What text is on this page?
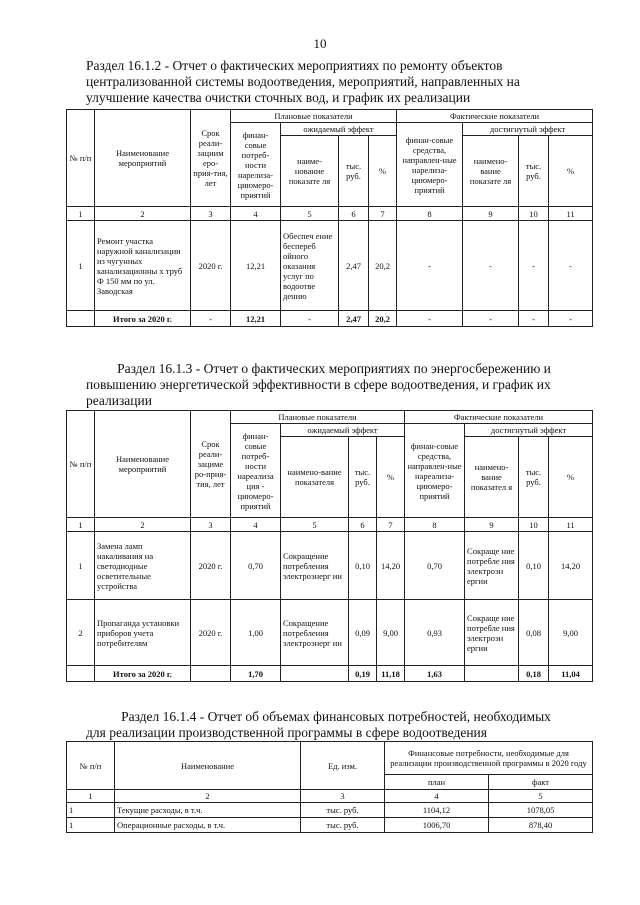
10
Раздел 16.1.2 - Отчет о фактических мероприятиях по ремонту объектов
централизованной системы водоотведения, мероприятий, направленных на
улучшение качества очистки сточных вод, и график их реализации
№ п/п	Наименование мероприятий	Срок реали-зациим еро-прия-тия, лет	Плановые показатели				Фактические показатели			
			финан-совые потреб-ности нарелиза-циюмеро-приятий	ожидаемый эффект			финан-совые средства, направлен-ные нарелиза-циюмеро-приятий	достигнутый эффект		
				наиме-нование показате ля	тыс. руб.	%		наимено-вание показате ля	тыс. руб.	%
1	2	3	4	5	6	7	8	9	10	11
1	Ремонт участка наружной канализации из чугунных канализационны х труб Ф 150 мм по ул. Заводская	2020 г.	12,21	Обеспеч ение беспереб ойного оказания услуг по водоотве дению	2,47	20,2	-	-	-	-
	Итого за 2020 г.	-	12,21	-	2,47	20,2	-	-	-	-
Раздел 16.1.3 - Отчет о фактических мероприятиях по энергосбережению и
повышению энергетической эффективности в сфере водоотведения, и график их
реализации
№ п/п	Наименование мероприятий	Срок реали-зациме ро-прия-тия, лет	Плановые показатели				Фактические показатели			
			финан-совые потреб-ности нареализа ция - циюмеро-приятий	ожидаемый эффект			финан-совые средства, направлен-ные нареализа-циюмеро-приятий	достигнутый эффект		
				наимено-вание показателя	тыс. руб.	%		наимено-вание показател я	тыс. руб.	%
1	2	3	4	5	6	7	8	9	10	11
1	Замена ламп накаливания на светодиодные осветительные устройства	2020 г.	0,70	Сокращение потребления электроэнерг ии	0,10	14,20	0,70	Сокраще ние потребле ния электроэн ергии	0,10	14,20
2	Пропаганда установки приборов учета потребителям	2020 г.	1,00	Сокращение потребления электроэнерг ии	0,09	9,00	0,93	Сокраще ние потребле ния электроэн ергии	0,08	9,00
	Итого за 2020 г.		1,70		0,19	11,18	1,63		0,18	11,04
Раздел 16.1.4 - Отчет об объемах финансовых потребностей, необходимых
для реализации производственной программы в сфере водоотведения
№ п/п	Наименование	Ед. изм.	Финансовые потребности, необходимые для реализации производственной программы в 2020 году	
			план	факт
1	2	3	4	5
1	Текущие расходы, в т.ч.	тыс. руб.	1104,12	1078,05
1	Операционные расходы, в т.ч.	тыс. руб.	1006,70	878,40
